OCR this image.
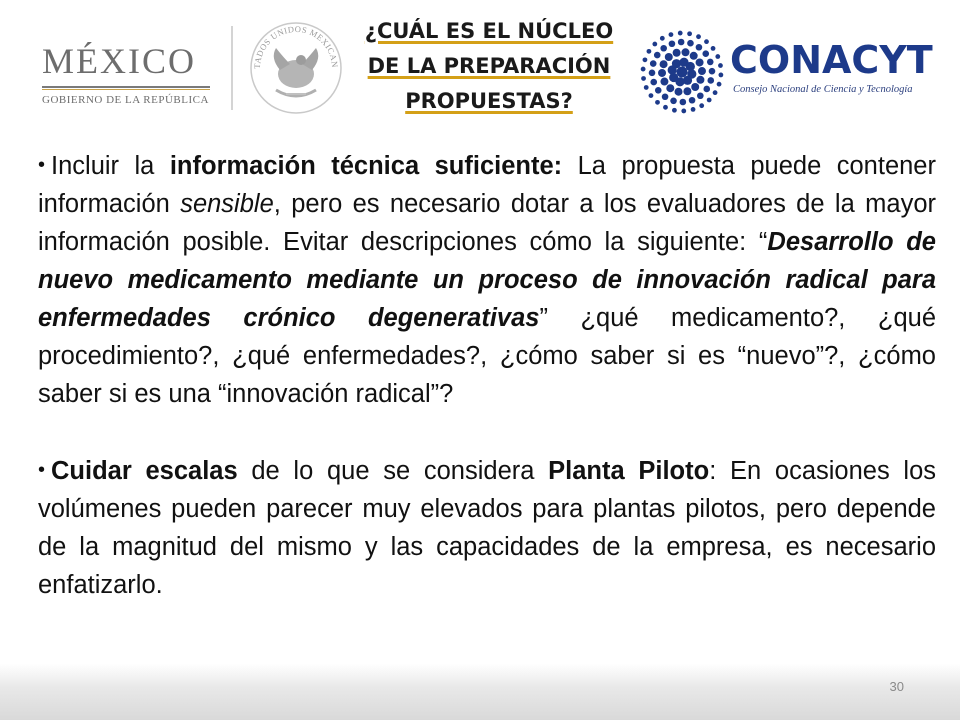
MÉXICO
GOBIERNO DE LA REPÚBLICA
TADOS UNIDOS MEXICAN
¿CUÁL ES EL NÚCLEO
DE LA PREPARACIÓN
PROPUESTAS?
CONACYT
Consejo Nacional de Ciencia y Tecnología

• Incluir la información técnica suficiente: La propuesta puede contener información sensible, pero es necesario dotar a los evaluadores de la mayor información posible. Evitar descripciones cómo la siguiente: “Desarrollo de nuevo medicamento mediante un proceso de innovación radical para enfermedades crónico degenerativas” ¿qué medicamento?, ¿qué procedimiento?, ¿qué enfermedades?, ¿cómo saber si es “nuevo”?, ¿cómo saber si es una “innovación radical”?

• Cuidar escalas de lo que se considera Planta Piloto: En ocasiones los volúmenes pueden parecer muy elevados para plantas pilotos, pero depende de la magnitud del mismo y las capacidades de la empresa, es necesario enfatizarlo.

30
